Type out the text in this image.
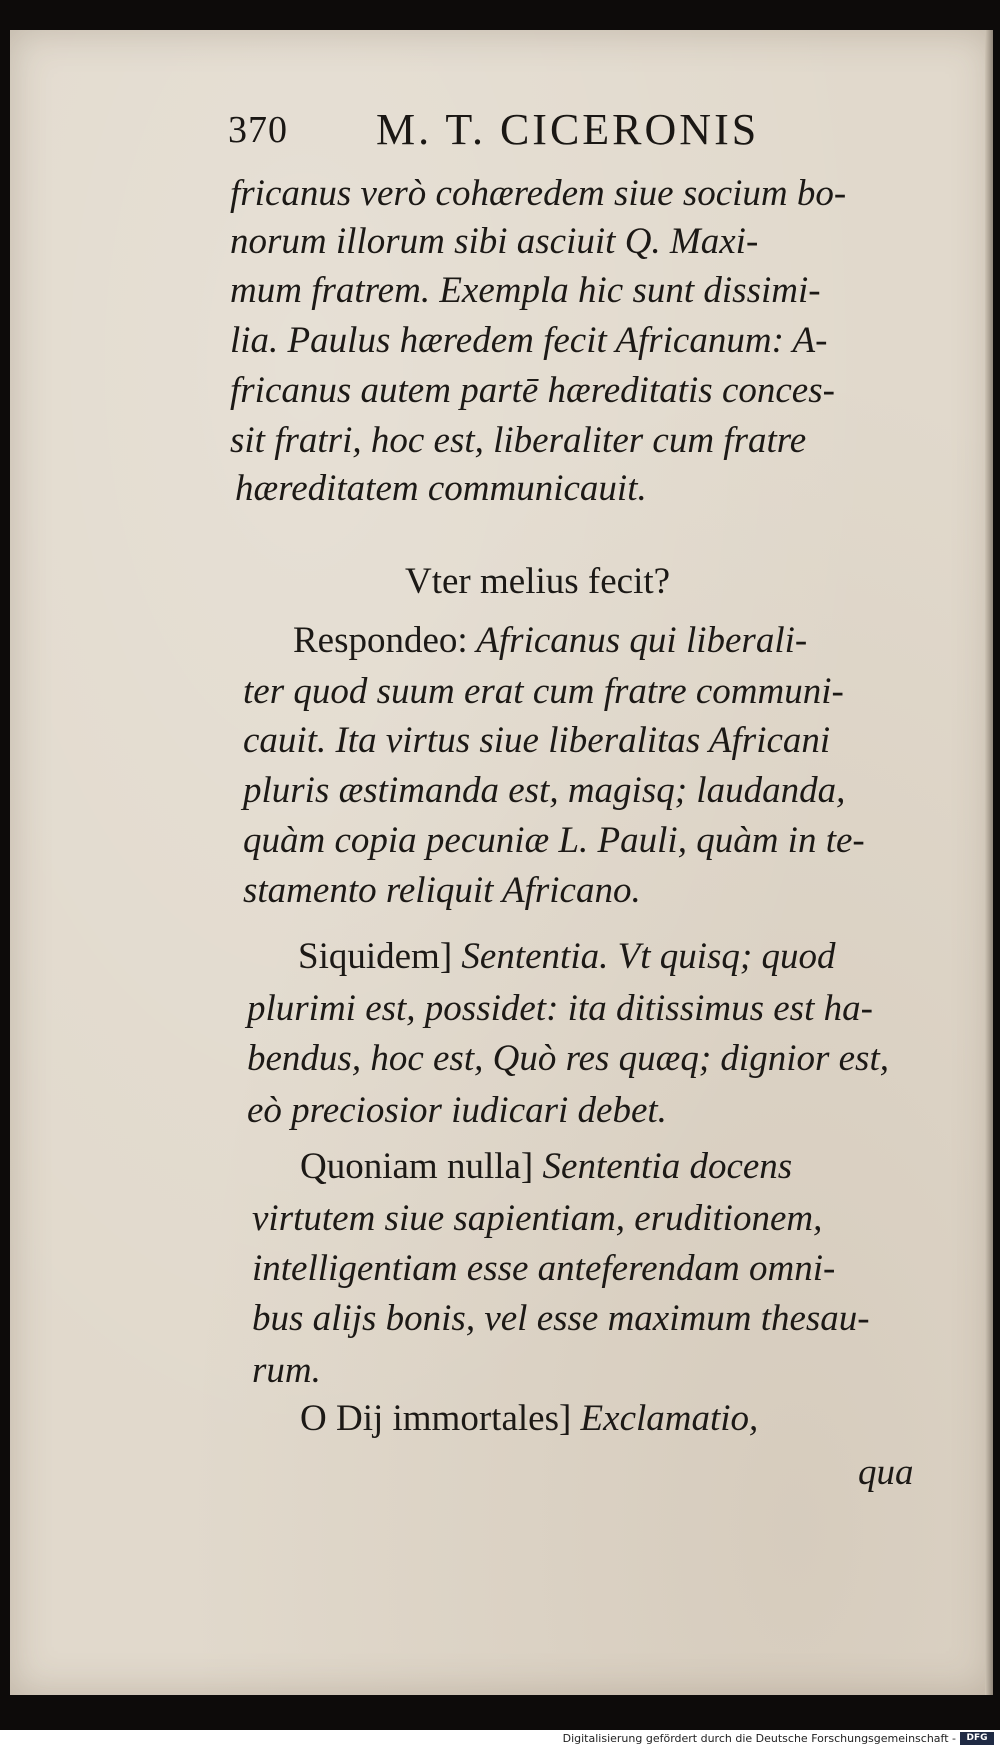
370 M. T. CICERONIS
fricanus verò cohæredem siue socium bo-
norum illorum sibi asciuit Q. Maxi-
mum fratrem. Exempla hic sunt dissimi-
lia. Paulus hæredem fecit Africanum: A-
fricanus autem partē hæreditatis conces-
sit fratri, hoc est, liberaliter cum fratre
hæreditatem communicauit.
Vter melius fecit?
Respondeo: Africanus qui liberali-
ter quod suum erat cum fratre communi-
cauit. Ita virtus siue liberalitas Africani
pluris æstimanda est, magisq; laudanda,
quàm copia pecuniæ L. Pauli, quàm in te-
stamento reliquit Africano.
Siquidem] Sententia. Vt quisq; quod
plurimi est, possidet: ita ditissimus est ha-
bendus, hoc est, Quò res quæq; dignior est,
eò preciosior iudicari debet.
Quoniam nulla] Sententia docens
virtutem siue sapientiam, eruditionem,
intelligentiam esse anteferendam omni-
bus alijs bonis, vel esse maximum thesau-
rum.
O Dij immortales] Exclamatio,
qua
Digitalisierung gefördert durch die Deutsche Forschungsgemeinschaft -	DFG
